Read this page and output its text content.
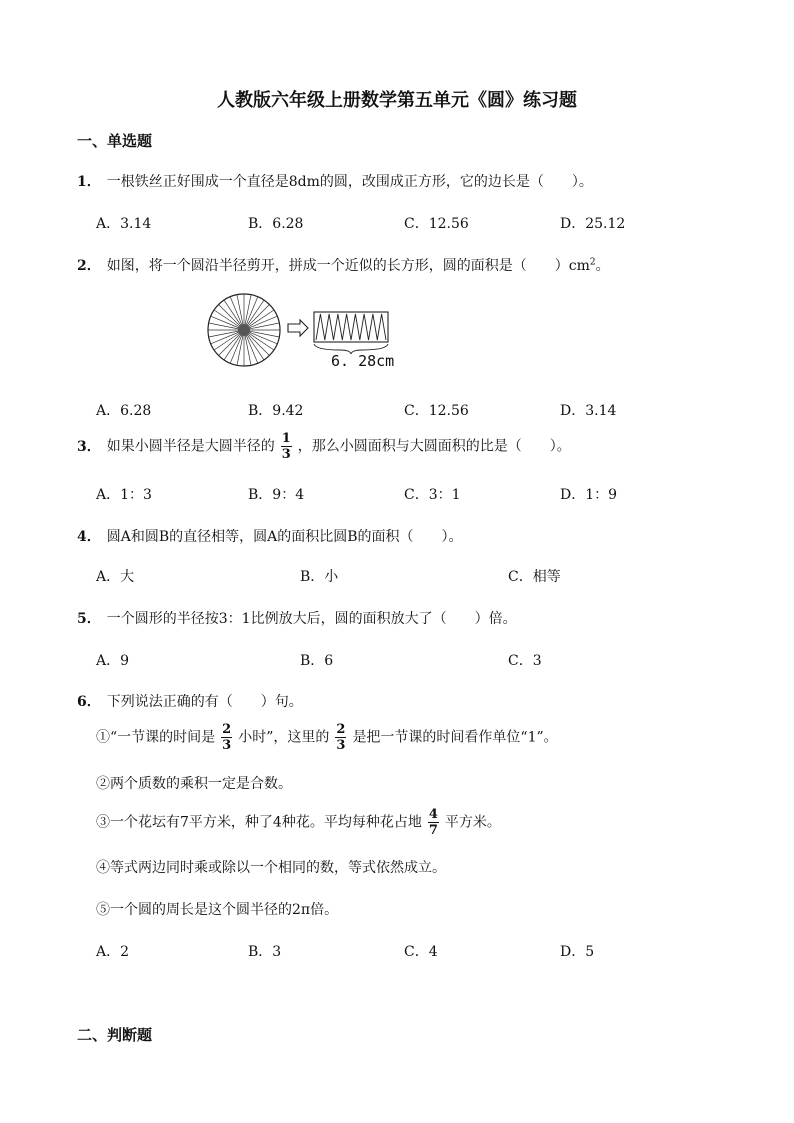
人教版六年级上册数学第五单元《圆》练习题
一、单选题
1． 一根铁丝正好围成一个直径是8dm的圆，改围成正方形，它的边长是（　　）。
A．3.14	B．6.28	C．12.56	D．25.12
2． 如图，将一个圆沿半径剪开，拼成一个近似的长方形，圆的面积是（　　）$cm^2$。
6. 28cm
A．6.28	B．9.42	C．12.56	D．3.14
3． 如果小圆半径是大圆半径的 $\frac{1}{3}$ ，那么小圆面积与大圆面积的比是（　　）。
A．1：3	B．9：4	C．3：1	D．1：9
4． 圆A和圆B的直径相等，圆A的面积比圆B的面积（　　）。
A．大	B．小	C．相等
5． 一个圆形的半径按3：1比例放大后，圆的面积放大了（　　）倍。
A．9	B．6	C．3
6． 下列说法正确的有（　　）句。
①“一节课的时间是 $\frac{2}{3}$ 小时”，这里的 $\frac{2}{3}$ 是把一节课的时间看作单位“1”。
②两个质数的乘积一定是合数。
③一个花坛有7平方米，种了4种花。平均每种花占地 $\frac{4}{7}$ 平方米。
④等式两边同时乘或除以一个相同的数，等式依然成立。
⑤一个圆的周长是这个圆半径的2π倍。
A．2	B．3	C．4	D．5
二、判断题
